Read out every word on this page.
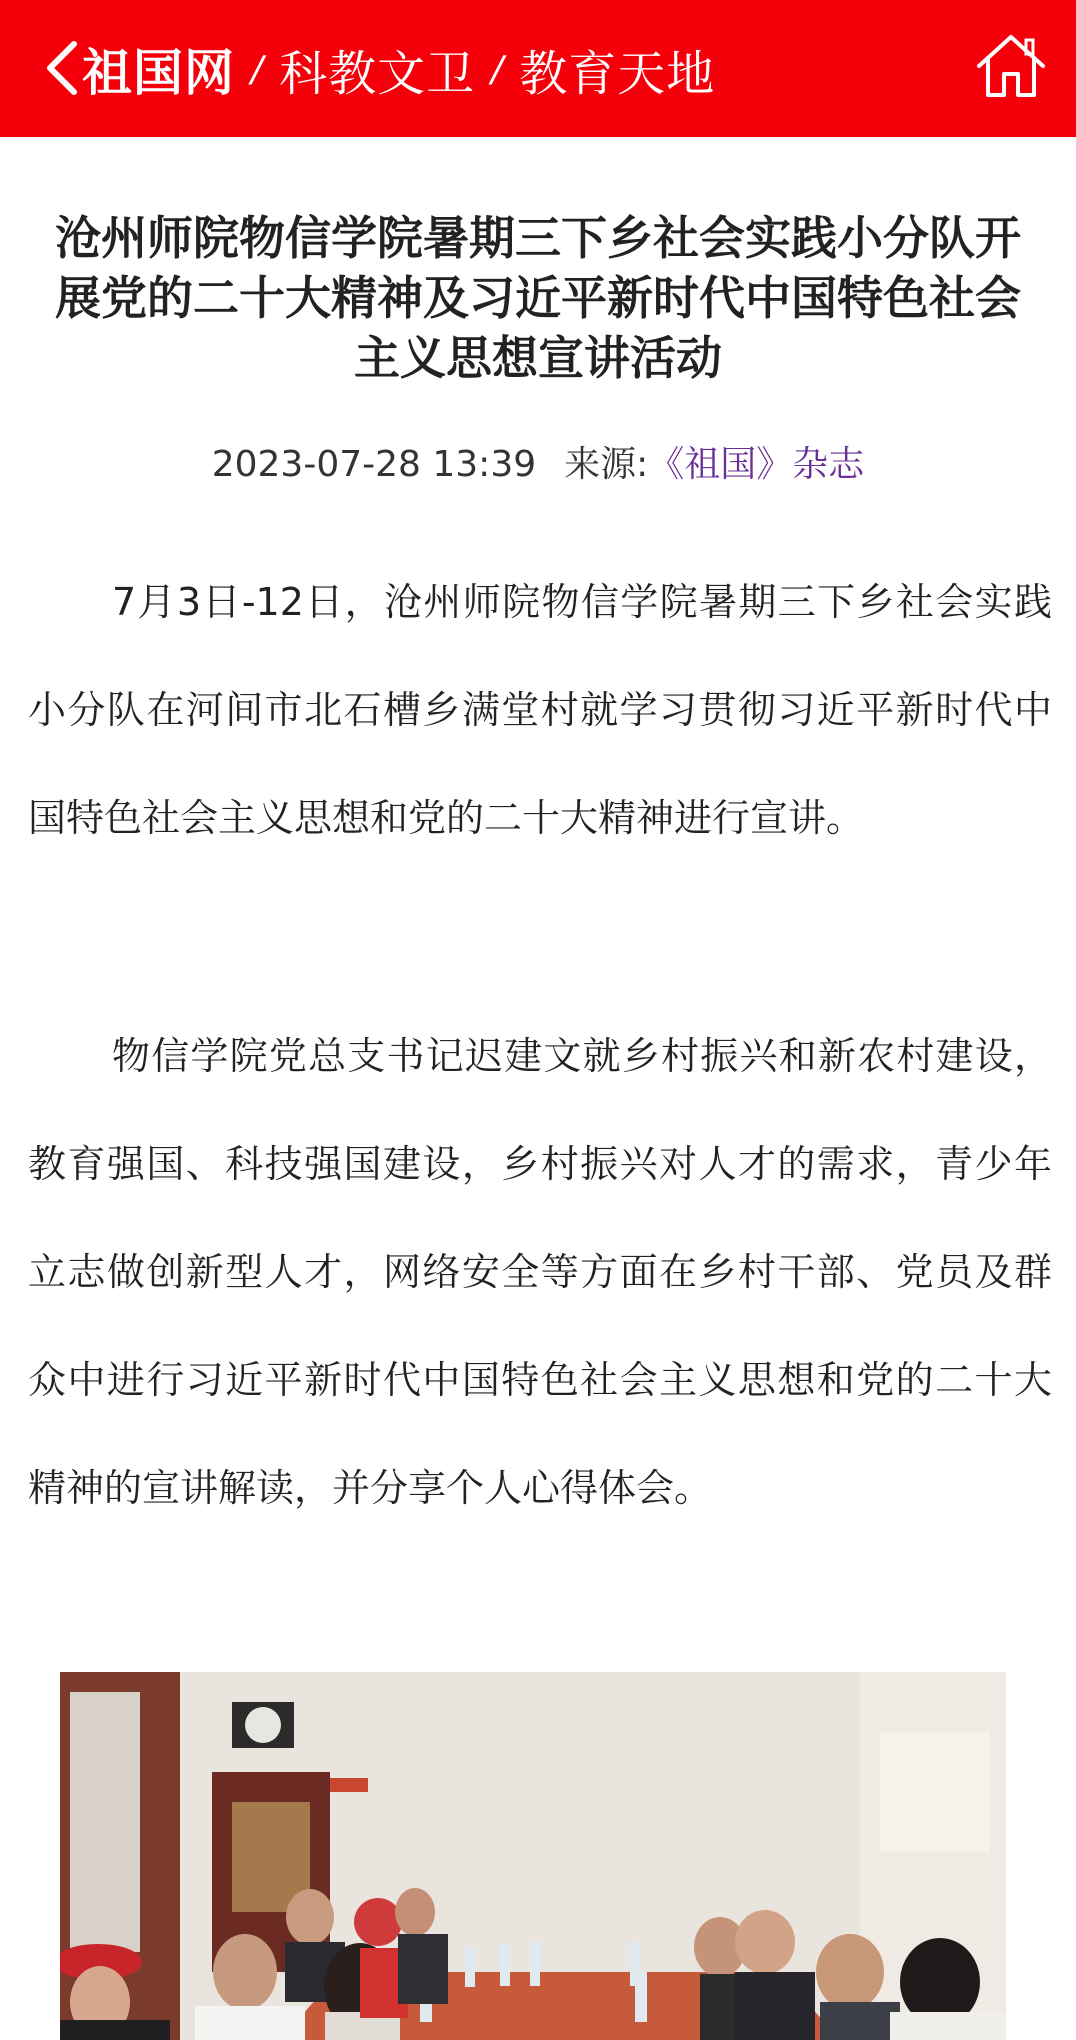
祖国网 / 科教文卫 / 教育天地
沧州师院物信学院暑期三下乡社会实践小分队开展党的二十大精神及习近平新时代中国特色社会主义思想宣讲活动
2023-07-28 13:39 来源:《祖国》杂志

7月3日-12日，沧州师院物信学院暑期三下乡社会实践小分队在河间市北石槽乡满堂村就学习贯彻习近平新时代中国特色社会主义思想和党的二十大精神进行宣讲。

物信学院党总支书记迟建文就乡村振兴和新农村建设，教育强国、科技强国建设，乡村振兴对人才的需求，青少年立志做创新型人才，网络安全等方面在乡村干部、党员及群众中进行习近平新时代中国特色社会主义思想和党的二十大精神的宣讲解读，并分享个人心得体会。
